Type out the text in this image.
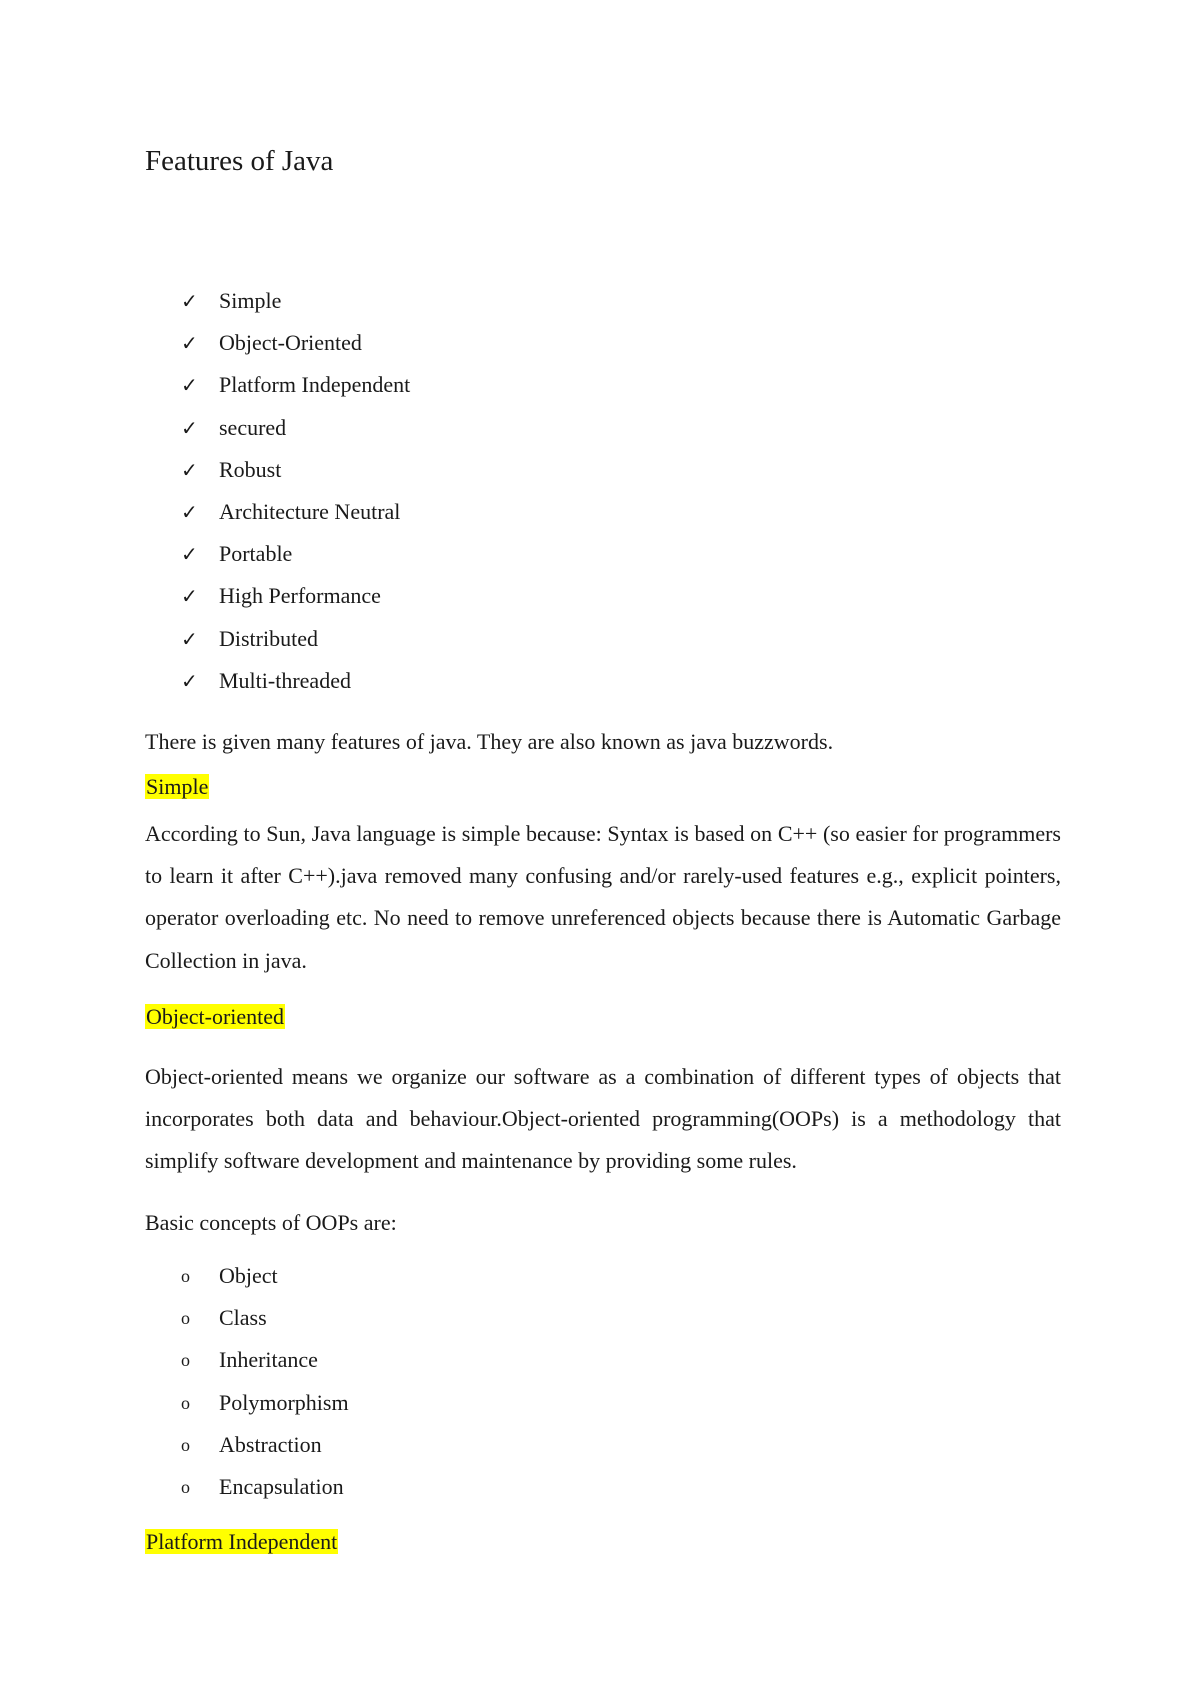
Features of Java
✓ Simple
✓ Object-Oriented
✓ Platform Independent
✓ secured
✓ Robust
✓ Architecture Neutral
✓ Portable
✓ High Performance
✓ Distributed
✓ Multi-threaded

There is given many features of java. They are also known as java buzzwords.

Simple

According to Sun, Java language is simple because: Syntax is based on C++ (so easier for programmers to learn it after C++).java removed many confusing and/or rarely-used features e.g., explicit pointers, operator overloading etc. No need to remove unreferenced objects because there is Automatic Garbage Collection in java.

Object-oriented

Object-oriented means we organize our software as a combination of different types of objects that incorporates both data and behaviour.Object-oriented programming(OOPs) is a methodology that simplify software development and maintenance by providing some rules.

Basic concepts of OOPs are:

o	Object
o	Class
o	Inheritance
o	Polymorphism
o	Abstraction
o	Encapsulation

Platform Independent
